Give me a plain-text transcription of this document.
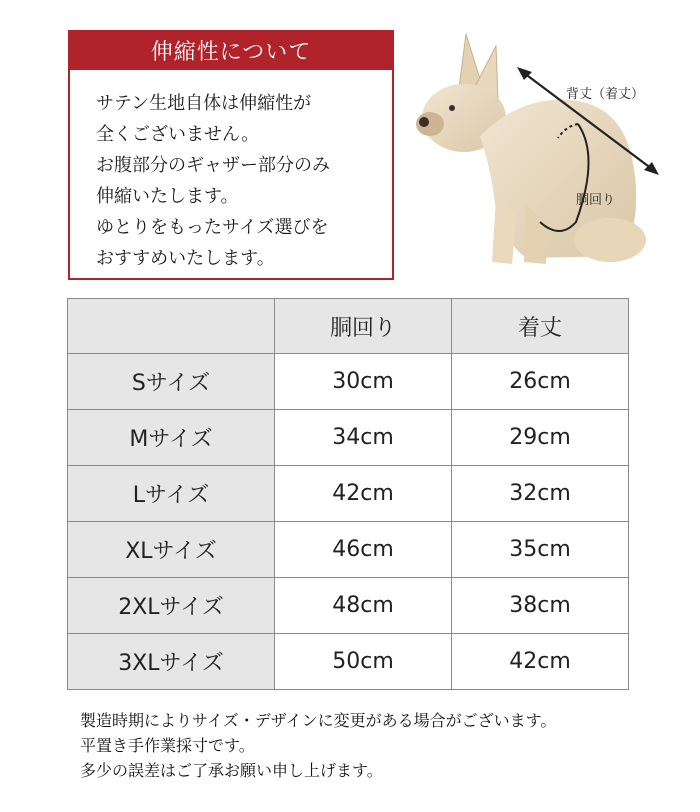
伸縮性について
サテン生地自体は伸縮性が
全くございません。
お腹部分のギャザー部分のみ
伸縮いたします。
ゆとりをもったサイズ選びを
おすすめいたします。
背丈（着丈）
胴回り
	胴回り	着丈
Sサイズ	30cm	26cm
Mサイズ	34cm	29cm
Lサイズ	42cm	32cm
XLサイズ	46cm	35cm
2XLサイズ	48cm	38cm
3XLサイズ	50cm	42cm
製造時期によりサイズ・デザインに変更がある場合がございます。
平置き手作業採寸です。
多少の誤差はご了承お願い申し上げます。
